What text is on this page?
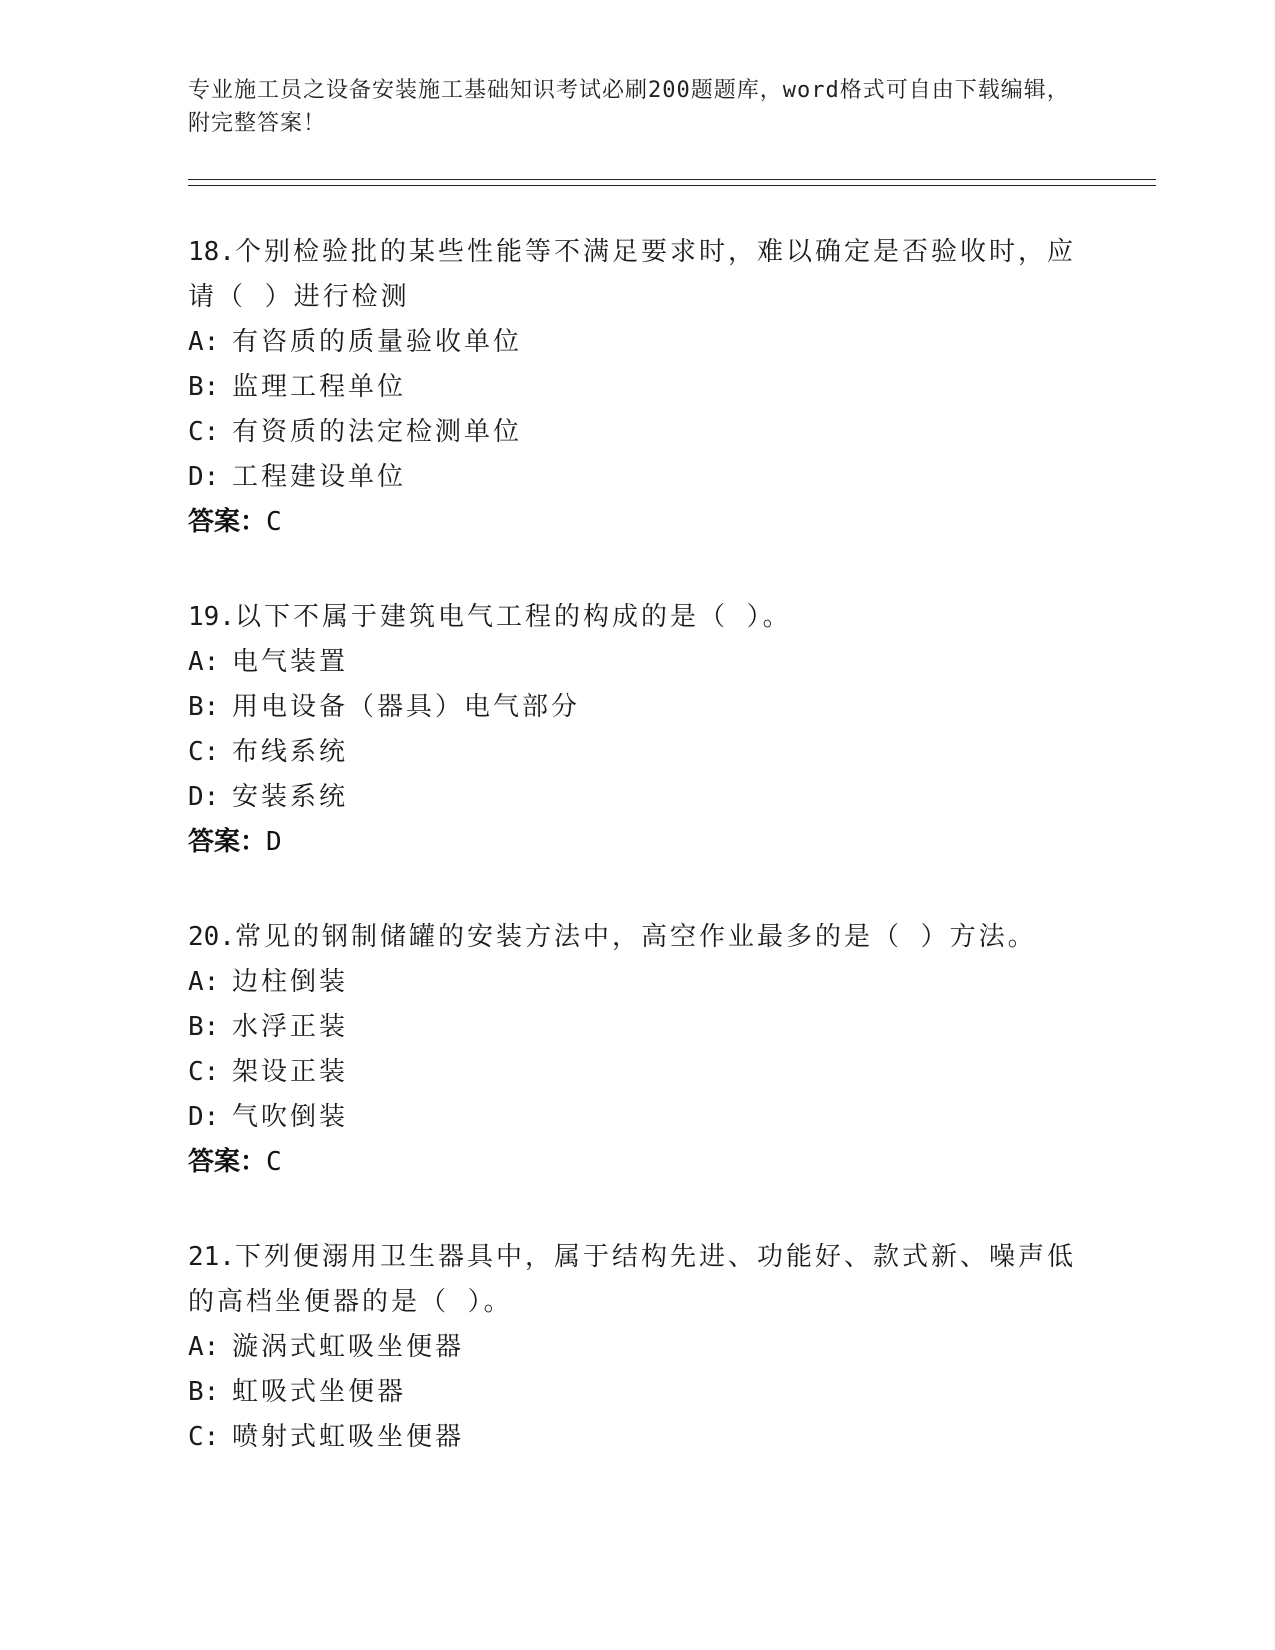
专业施工员之设备安装施工基础知识考试必刷200题题库，word格式可自由下载编辑，附完整答案！
18.个别检验批的某些性能等不满足要求时，难以确定是否验收时，应请（ ）进行检测
A: 有咨质的质量验收单位
B: 监理工程单位
C: 有资质的法定检测单位
D: 工程建设单位
答案：C
19.以下不属于建筑电气工程的构成的是（ ）。
A: 电气装置
B: 用电设备（器具）电气部分
C: 布线系统
D: 安装系统
答案：D
20.常见的钢制储罐的安装方法中，高空作业最多的是（ ）方法。
A: 边柱倒装
B: 水浮正装
C: 架设正装
D: 气吹倒装
答案：C
21.下列便溺用卫生器具中，属于结构先进、功能好、款式新、噪声低的高档坐便器的是（ ）。
A: 漩涡式虹吸坐便器
B: 虹吸式坐便器
C: 喷射式虹吸坐便器
